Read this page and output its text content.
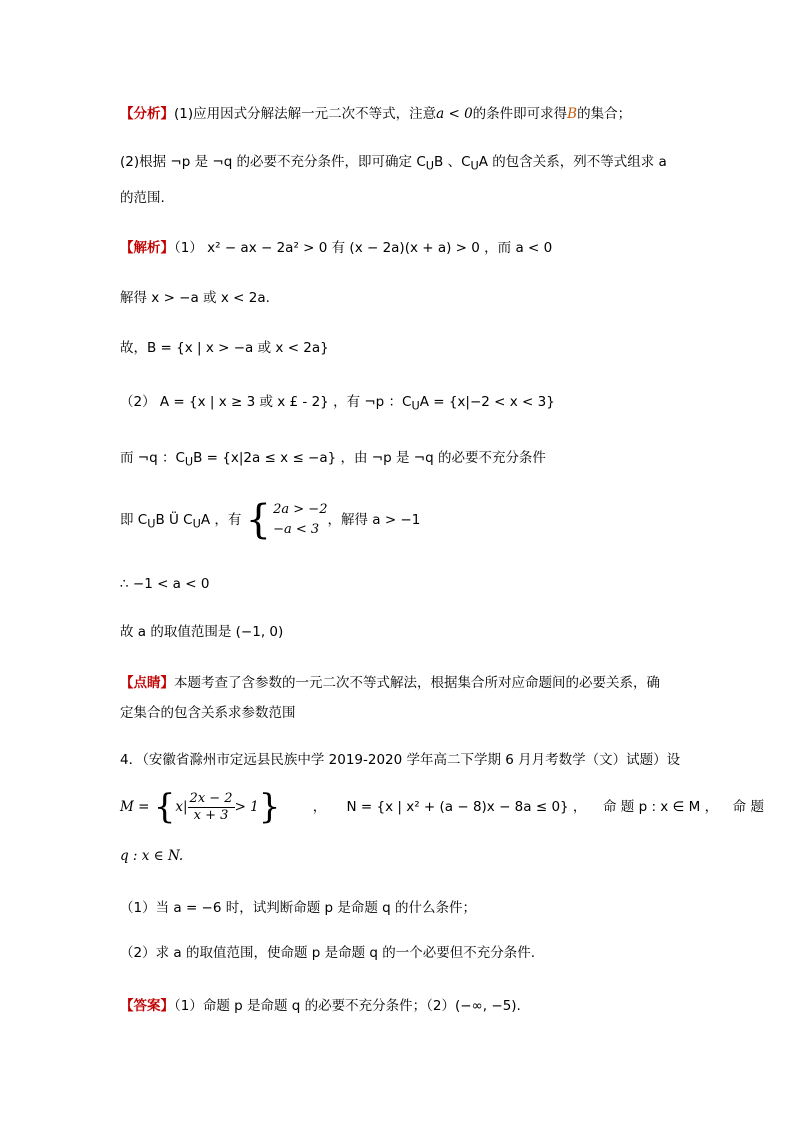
【分析】(1)应用因式分解法解一元二次不等式，注意a < 0的条件即可求得B的集合；
(2)根据 ¬p 是 ¬q 的必要不充分条件，即可确定 $C_UB$ 、$C_UA$ 的包含关系，列不等式组求 a
的范围.
【解析】（1） x² − ax − 2a² > 0 有 (x − 2a)(x + a) > 0 ，而 a < 0
解得 x > −a 或 x < 2a.
故，B = {x | x > −a 或 x < 2a}
（2） A = {x | x ≥ 3 或 x £ - 2} ，有 ¬p ：$C_UA = \{x|-2 < x < 3\}$
而 ¬q ：$C_UB = \{x|2a \le x \le -a\}$ ，由 ¬p 是 ¬q 的必要不充分条件
即 $C_UB$ Ü $C_UA$ ，有 { 2a > −2
−a < 3
，解得 a > −1
∴ −1 < a < 0
故 a 的取值范围是 (−1, 0)
【点睛】本题考查了含参数的一元二次不等式解法，根据集合所对应命题间的必要关系，确
定集合的包含关系求参数范围
4．（安徽省滁州市定远县民族中学 2019-2020 学年高二下学期 6 月月考数学（文）试题）设
$M = \{x| \frac{2x - 2}{x + 3} > 1\}$ ， N = {x | x² + (a − 8)x − 8a ≤ 0} ， 命 题 p : x ∈ M ， 命 题
q : x ∈ N.
（1）当 a = −6 时，试判断命题 p 是命题 q 的什么条件；
（2）求 a 的取值范围，使命题 p 是命题 q 的一个必要但不充分条件.
【答案】（1）命题 p 是命题 q 的必要不充分条件；（2）(−∞, −5).
